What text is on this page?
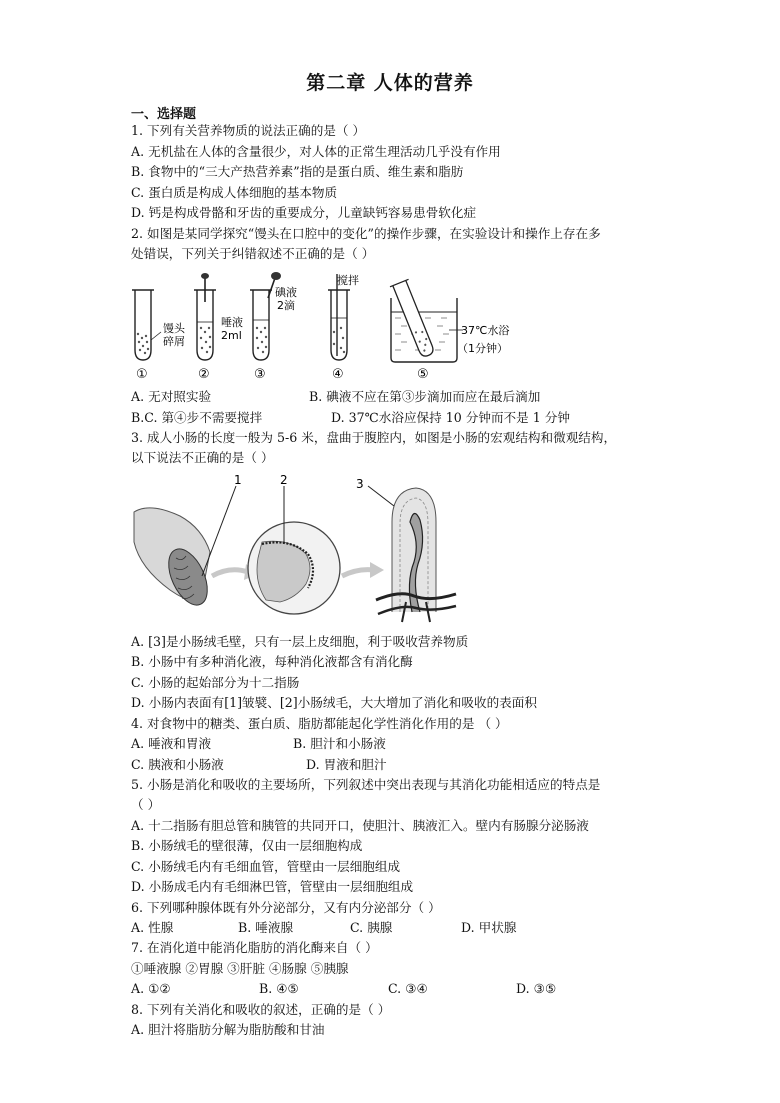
第二章 人体的营养
一、选择题
1. 下列有关营养物质的说法正确的是（ ）
A. 无机盐在人体的含量很少，对人体的正常生理活动几乎没有作用
B. 食物中的“三大产热营养素”指的是蛋白质、维生素和脂肪
C. 蛋白质是构成人体细胞的基本物质
D. 钙是构成骨骼和牙齿的重要成分，儿童缺钙容易患骨软化症
2. 如图是某同学探究“馒头在口腔中的变化”的操作步骤，在实验设计和操作上存在多
处错误，下列关于纠错叙述不正确的是（ ）
馒头
碎屑
唾液
2ml
碘液
2滴
搅拌
37℃水浴
（1分钟）
①	②	③	④	⑤
A. 无对照实验	B. 碘液不应在第③步滴加而应在最后滴加
B.C. 第④步不需要搅拌	D. 37℃水浴应保持 10 分钟而不是 1 分钟
3. 成人小肠的长度一般为 5-6 米，盘曲于腹腔内，如图是小肠的宏观结构和微观结构，
以下说法不正确的是（ ）
1	2	3
A. [3]是小肠绒毛壁，只有一层上皮细胞，利于吸收营养物质
B. 小肠中有多种消化液，每种消化液都含有消化酶
C. 小肠的起始部分为十二指肠
D. 小肠内表面有[1]皱襞、[2]小肠绒毛，大大增加了消化和吸收的表面积
4. 对食物中的糖类、蛋白质、脂肪都能起化学性消化作用的是 （ ）
A. 唾液和胃液	B. 胆汁和小肠液
C. 胰液和小肠液	D. 胃液和胆汁
5. 小肠是消化和吸收的主要场所，下列叙述中突出表现与其消化功能相适应的特点是
（ ）
A. 十二指肠有胆总管和胰管的共同开口，使胆汁、胰液汇入。壁内有肠腺分泌肠液
B. 小肠绒毛的壁很薄，仅由一层细胞构成
C. 小肠绒毛内有毛细血管，管壁由一层细胞组成
D. 小肠成毛内有毛细淋巴管，管壁由一层细胞组成
6. 下列哪种腺体既有外分泌部分，又有内分泌部分（ ）
A. 性腺	B. 唾液腺	C. 胰腺	D. 甲状腺
7. 在消化道中能消化脂肪的消化酶来自（ ）
①唾液腺 ②胃腺 ③肝脏 ④肠腺 ⑤胰腺
A. ①②	B. ④⑤	C. ③④	D. ③⑤
8. 下列有关消化和吸收的叙述，正确的是（ ）
A. 胆汁将脂肪分解为脂肪酸和甘油
